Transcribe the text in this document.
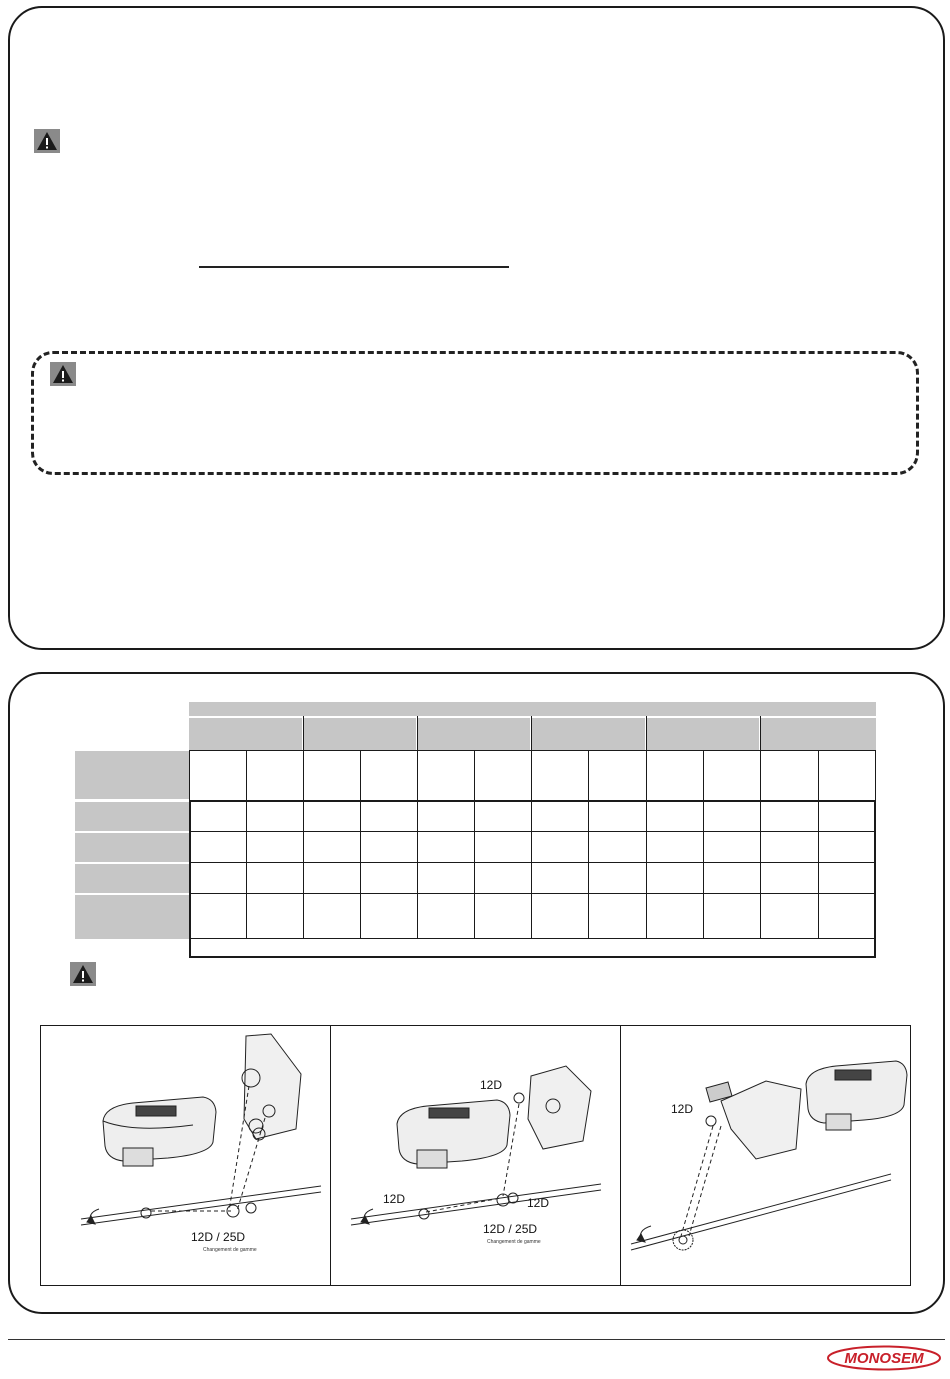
12D / 25D
Changement de gamme
12D
12D	12D
12D / 25D
Changement de gamme
12D
MONOSEM
